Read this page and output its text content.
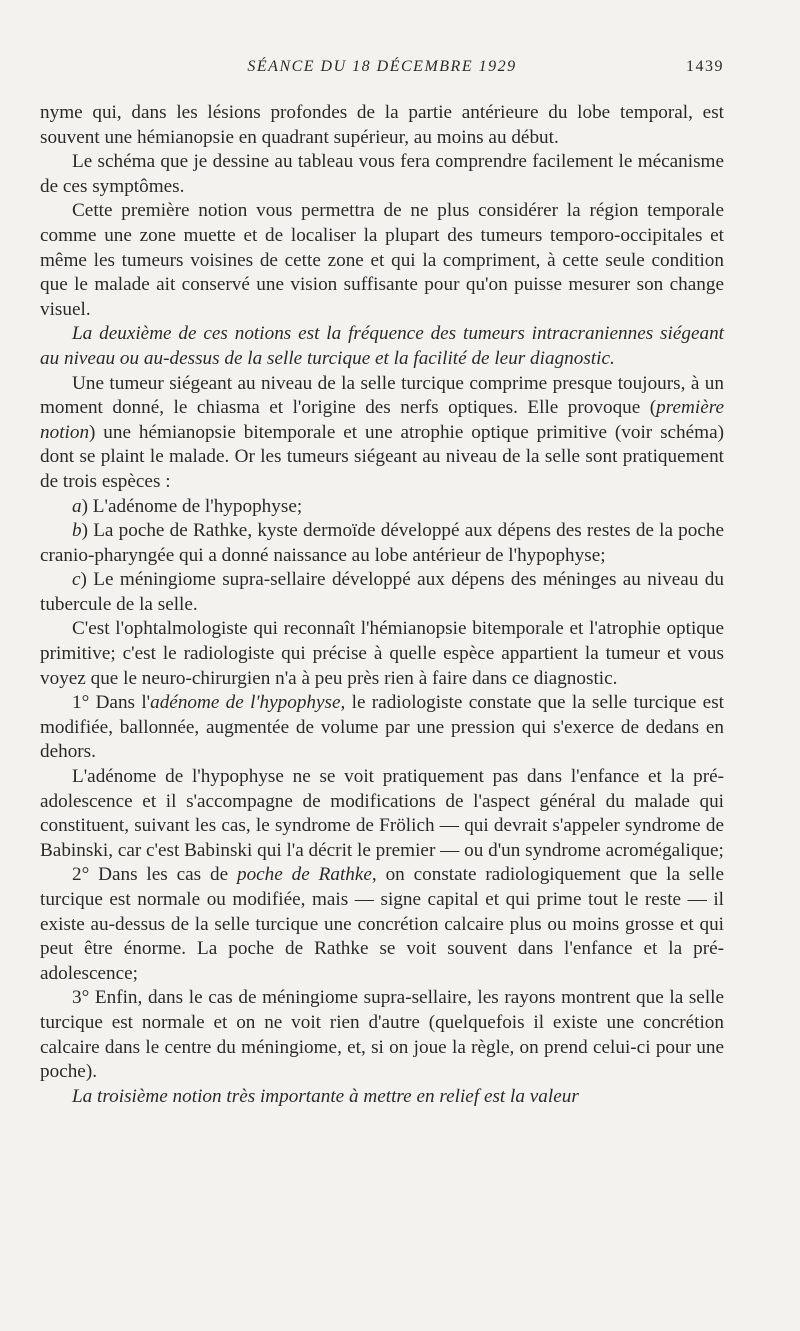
SÉANCE DU 18 DÉCEMBRE 1929	1439

nyme qui, dans les lésions profondes de la partie antérieure du lobe temporal, est souvent une hémianopsie en quadrant supérieur, au moins au début.

Le schéma que je dessine au tableau vous fera comprendre facilement le mécanisme de ces symptômes.

Cette première notion vous permettra de ne plus considérer la région temporale comme une zone muette et de localiser la plupart des tumeurs temporo-occipitales et même les tumeurs voisines de cette zone et qui la compriment, à cette seule condition que le malade ait conservé une vision suffisante pour qu'on puisse mesurer son change visuel.

La deuxième de ces notions est la fréquence des tumeurs intracraniennes siégeant au niveau ou au-dessus de la selle turcique et la facilité de leur diagnostic.

Une tumeur siégeant au niveau de la selle turcique comprime presque toujours, à un moment donné, le chiasma et l'origine des nerfs optiques. Elle provoque (première notion) une hémianopsie bitemporale et une atrophie optique primitive (voir schéma) dont se plaint le malade. Or les tumeurs siégeant au niveau de la selle sont pratiquement de trois espèces :

a) L'adénome de l'hypophyse;

b) La poche de Rathke, kyste dermoïde développé aux dépens des restes de la poche cranio-pharyngée qui a donné naissance au lobe antérieur de l'hypophyse;

c) Le méningiome supra-sellaire développé aux dépens des méninges au niveau du tubercule de la selle.

C'est l'ophtalmologiste qui reconnaît l'hémianopsie bitemporale et l'atrophie optique primitive; c'est le radiologiste qui précise à quelle espèce appartient la tumeur et vous voyez que le neuro-chirurgien n'a à peu près rien à faire dans ce diagnostic.

1° Dans l'adénome de l'hypophyse, le radiologiste constate que la selle turcique est modifiée, ballonnée, augmentée de volume par une pression qui s'exerce de dedans en dehors.

L'adénome de l'hypophyse ne se voit pratiquement pas dans l'enfance et la pré-adolescence et il s'accompagne de modifications de l'aspect général du malade qui constituent, suivant les cas, le syndrome de Frölich — qui devrait s'appeler syndrome de Babinski, car c'est Babinski qui l'a décrit le premier — ou d'un syndrome acromégalique;

2° Dans les cas de poche de Rathke, on constate radiologiquement que la selle turcique est normale ou modifiée, mais — signe capital et qui prime tout le reste — il existe au-dessus de la selle turcique une concrétion calcaire plus ou moins grosse et qui peut être énorme. La poche de Rathke se voit souvent dans l'enfance et la pré-adolescence;

3° Enfin, dans le cas de méningiome supra-sellaire, les rayons montrent que la selle turcique est normale et on ne voit rien d'autre (quelquefois il existe une concrétion calcaire dans le centre du méningiome, et, si on joue la règle, on prend celui-ci pour une poche).

La troisième notion très importante à mettre en relief est la valeur
